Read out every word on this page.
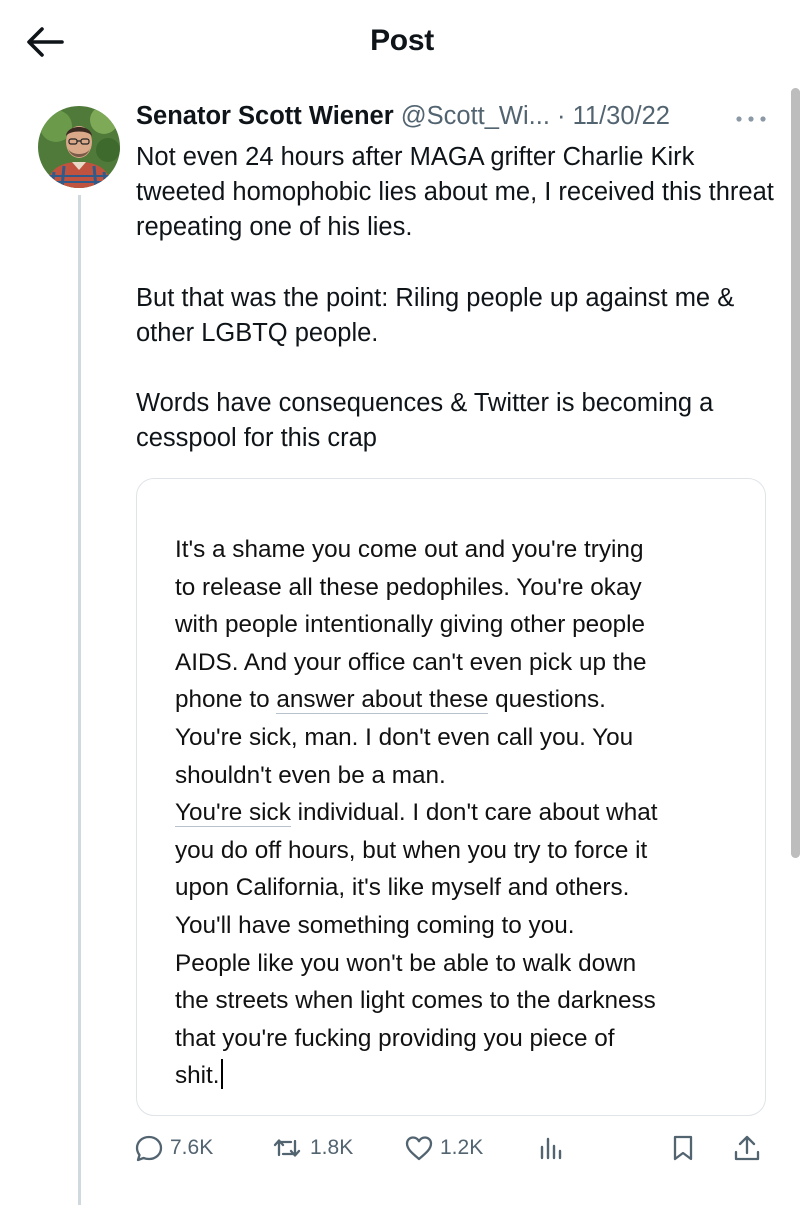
Post
Senator Scott Wiener @Scott_Wi... · 11/30/22

Not even 24 hours after MAGA grifter Charlie Kirk tweeted homophobic lies about me, I received this threat repeating one of his lies.

But that was the point: Riling people up against me & other LGBTQ people.

Words have consequences & Twitter is becoming a cesspool for this crap

It's a shame you come out and you're trying
to release all these pedophiles. You're okay
with people intentionally giving other people
AIDS. And your office can't even pick up the
phone to answer about these questions.
You're sick, man. I don't even call you. You
shouldn't even be a man.
You're sick individual. I don't care about what
you do off hours, but when you try to force it
upon California, it's like myself and others.
You'll have something coming to you.
People like you won't be able to walk down
the streets when light comes to the darkness
that you're fucking providing you piece of
shit.
7.6K	1.8K	1.2K
